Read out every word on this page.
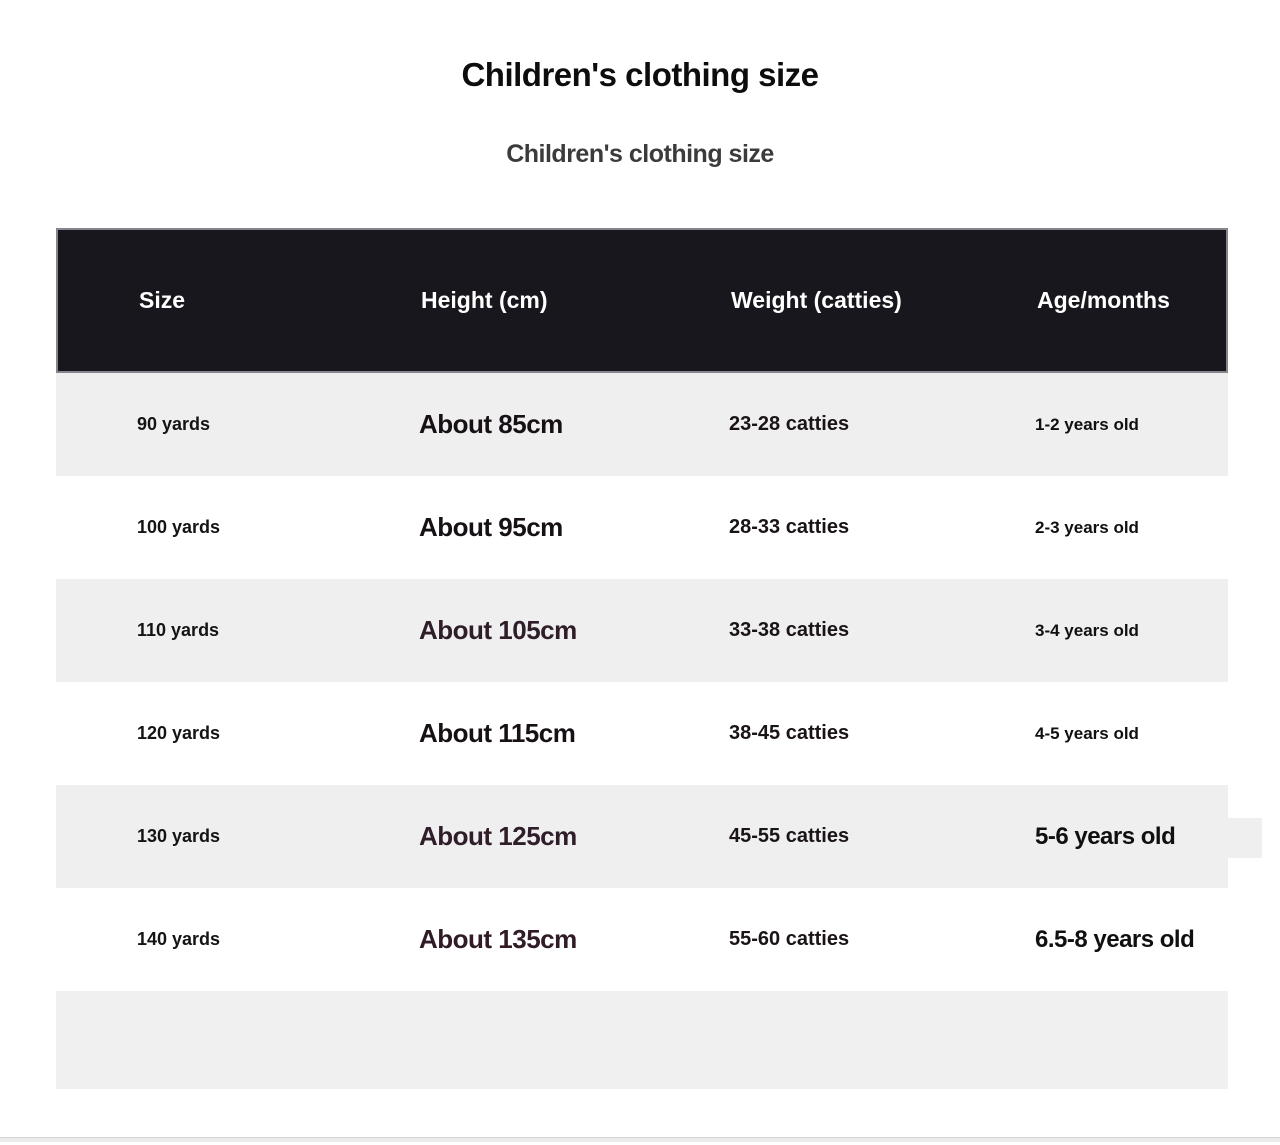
Children's clothing size
Children's clothing size
Size	Height (cm)	Weight (catties)	Age/months
90 yards	About 85cm	23-28 catties	1-2 years old
100 yards	About 95cm	28-33 catties	2-3 years old
110 yards	About 105cm	33-38 catties	3-4 years old
120 yards	About 115cm	38-45 catties	4-5 years old
130 yards	About 125cm	45-55 catties	5-6 years old
140 yards	About 135cm	55-60 catties	6.5-8 years old
